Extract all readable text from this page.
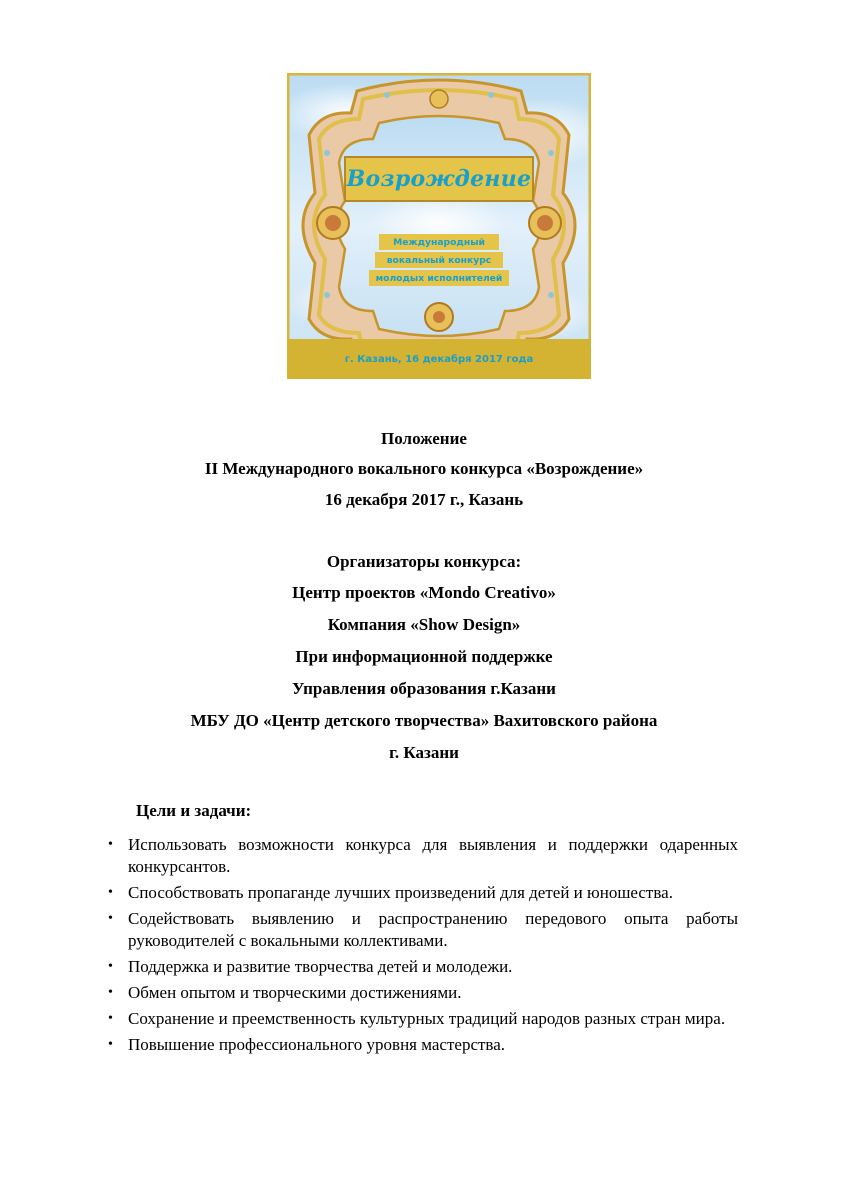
Возрождение
Международный
вокальный конкурс
молодых исполнителей
г. Казань, 16 декабря 2017 года
Положение
II Международного вокального конкурса «Возрождение»
16 декабря 2017 г., Казань
Организаторы конкурса:
Центр проектов «Mondo Creativo»
Компания «Show Design»
При информационной поддержке
Управления образования г.Казани
МБУ ДО «Центр детского творчества» Вахитовского района
г. Казани
Цели и задачи:
• Использовать возможности конкурса для выявления и поддержки одаренных конкурсантов.
• Способствовать пропаганде лучших произведений для детей и юношества.
• Содействовать выявлению и распространению передового опыта работы руководителей с вокальными коллективами.
• Поддержка и развитие творчества детей и молодежи.
• Обмен опытом и творческими достижениями.
• Сохранение и преемственность культурных традиций народов разных стран мира.
• Повышение профессионального уровня мастерства.
